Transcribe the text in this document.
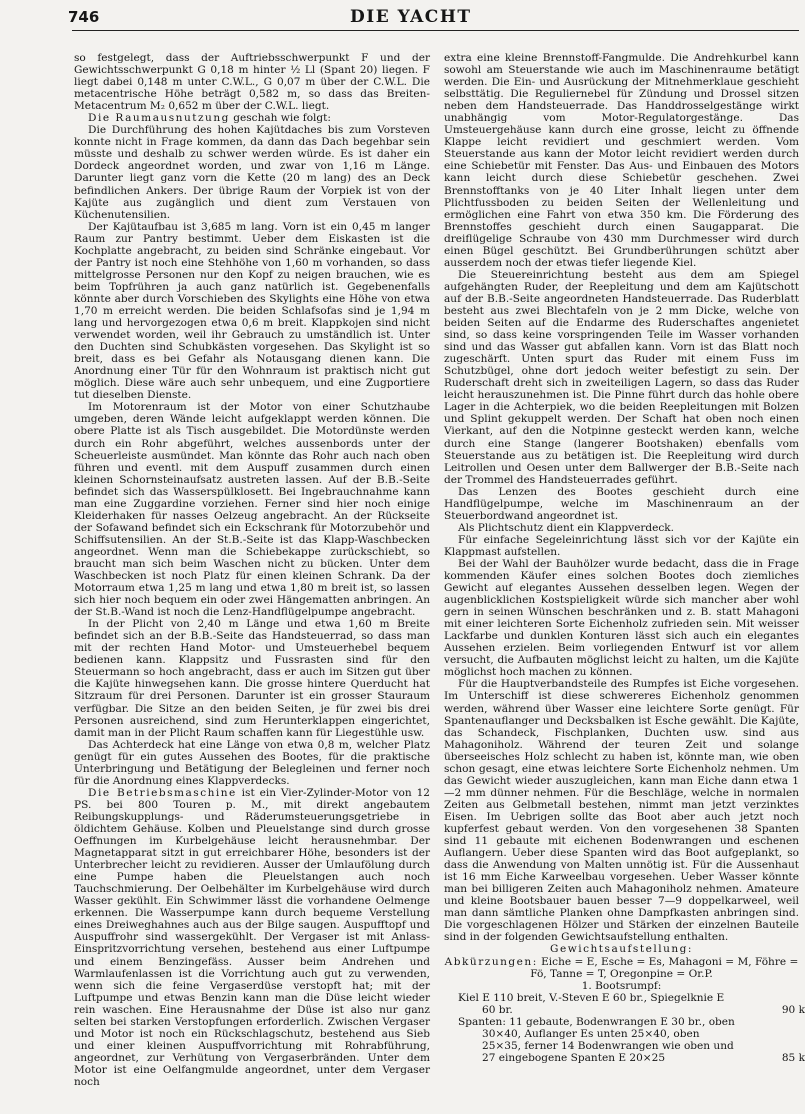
746	DIE YACHT

so festgelegt, dass der Auftriebsschwerpunkt F und der Gewichtsschwerpunkt G 0,18 m hinter ½ Ll (Spant 20) liegen. F liegt dabei 0,148 m unter C.W.L., G 0,07 m über der C.W.L. Die metacentrische Höhe beträgt 0,582 m, so dass das Breiten-Metacentrum M₂ 0,652 m über der C.W.L. liegt.

Die Raumausnutzung geschah wie folgt:

Die Durchführung des hohen Kajütdaches bis zum Vorsteven konnte nicht in Frage kommen, da dann das Dach begehbar sein müsste und deshalb zu schwer werden würde. Es ist daher ein Dordeck angeordnet worden, und zwar von 1,16 m Länge. Darunter liegt ganz vorn die Kette (20 m lang) des an Deck befindlichen Ankers. Der übrige Raum der Vorpiek ist von der Kajüte aus zugänglich und dient zum Verstauen von Küchenutensilien.

Der Kajütaufbau ist 3,685 m lang. Vorn ist ein 0,45 m langer Raum zur Pantry bestimmt. Ueber dem Eiskasten ist die Kochplatte angebracht, zu beiden sind Schränke eingebaut. Vor der Pantry ist noch eine Stehhöhe von 1,60 m vorhanden, so dass mittelgrosse Personen nur den Kopf zu neigen brauchen, wie es beim Topfrühren ja auch ganz natürlich ist. Gegebenenfalls könnte aber durch Vorschieben des Skylights eine Höhe von etwa 1,70 m erreicht werden. Die beiden Schlafsofas sind je 1,94 m lang und hervorgezogen etwa 0,6 m breit. Klappkojen sind nicht verwendet worden, weil ihr Gebrauch zu umständlich ist. Unter den Duchten sind Schubkästen vorgesehen. Das Skylight ist so breit, dass es bei Gefahr als Notausgang dienen kann. Die Anordnung einer Tür für den Wohnraum ist praktisch nicht gut möglich. Diese wäre auch sehr unbequem, und eine Zugportiere tut dieselben Dienste.

Im Motorenraum ist der Motor von einer Schutzhaube umgeben, deren Wände leicht aufgeklappt werden können. Die obere Platte ist als Tisch ausgebildet. Die Motordünste werden durch ein Rohr abgeführt, welches aussenbords unter der Scheuerleiste ausmündet. Man könnte das Rohr auch nach oben führen und eventl. mit dem Auspuff zusammen durch einen kleinen Schornsteinaufsatz austreten lassen. Auf der B.B.-Seite befindet sich das Wasserspülklosett. Bei Ingebrauchnahme kann man eine Zuggardine vorziehen. Ferner sind hier noch einige Kleiderhaken für nasses Oelzeug angebracht. An der Rückseite der Sofawand befindet sich ein Eckschrank für Motorzubehör und Schiffsutensilien. An der St.B.-Seite ist das Klapp-Waschbecken angeordnet. Wenn man die Schiebekappe zurückschiebt, so braucht man sich beim Waschen nicht zu bücken. Unter dem Waschbecken ist noch Platz für einen kleinen Schrank. Da der Motorraum etwa 1,25 m lang und etwa 1,80 m breit ist, so lassen sich hier noch bequem ein oder zwei Hängematten anbringen. An der St.B.-Wand ist noch die Lenz-Handflügelpumpe angebracht.

In der Plicht von 2,40 m Länge und etwa 1,60 m Breite befindet sich an der B.B.-Seite das Handsteuerrad, so dass man mit der rechten Hand Motor- und Umsteuerhebel bequem bedienen kann. Klappsitz und Fussrasten sind für den Steuermann so hoch angebracht, dass er auch im Sitzen gut über die Kajüte hinwegsehen kann. Die grosse hintere Querducht hat Sitzraum für drei Personen. Darunter ist ein grosser Stauraum verfügbar. Die Sitze an den beiden Seiten, je für zwei bis drei Personen ausreichend, sind zum Herunterklappen eingerichtet, damit man in der Plicht Raum schaffen kann für Liegestühle usw.

Das Achterdeck hat eine Länge von etwa 0,8 m, welcher Platz genügt für ein gutes Aussehen des Bootes, für die praktische Unterbringung und Betätigung der Belegleinen und ferner noch für die Anordnung eines Klappverdecks.

Die Betriebsmaschine ist ein Vier-Zylinder-Motor von 12 PS. bei 800 Touren p. M., mit direkt angebautem Reibungskupplungs- und Räderumsteuerungsgetriebe in öldichtem Gehäuse. Kolben und Pleuelstange sind durch grosse Oeffnungen im Kurbelgehäuse leicht herausnehmbar. Der Magnetapparat sitzt in gut erreichbarer Höhe, besonders ist der Unterbrecher leicht zu revidieren. Ausser der Umlaufölung durch eine Pumpe haben die Pleuelstangen auch noch Tauchschmierung. Der Oelbehälter im Kurbelgehäuse wird durch Wasser gekühlt. Ein Schwimmer lässt die vorhandene Oelmenge erkennen. Die Wasserpumpe kann durch bequeme Verstellung eines Dreiweghahnes auch aus der Bilge saugen. Auspufftopf und Auspuffrohr sind wassergekühlt. Der Vergaser ist mit Anlass-Einspritzvorrichtung versehen, bestehend aus einer Luftpumpe und einem Benzingefäss. Ausser beim Andrehen und Warmlaufenlassen ist die Vorrichtung auch gut zu verwenden, wenn sich die feine Vergaserdüse verstopft hat; mit der Luftpumpe und etwas Benzin kann man die Düse leicht wieder rein waschen. Eine Herausnahme der Düse ist also nur ganz selten bei starken Verstopfungen erforderlich. Zwischen Vergaser und Motor ist noch ein Rückschlagschutz, bestehend aus Sieb und einer kleinen Auspuffvorrichtung mit Rohrabführung, angeordnet, zur Verhütung von Vergaserbränden. Unter dem Motor ist eine Oelfangmulde angeordnet, unter dem Vergaser noch

extra eine kleine Brennstoff-Fangmulde. Die Andrehkurbel kann sowohl am Steuerstande wie auch im Maschinenraume betätigt werden. Die Ein- und Ausrückung der Mitnehmerklaue geschieht selbsttätig. Die Reguliernebel für Zündung und Drossel sitzen neben dem Handsteuerrade. Das Handdrosselgestänge wirkt unabhängig vom Motor-Regulatorgestänge. Das Umsteuergehäuse kann durch eine grosse, leicht zu öffnende Klappe leicht revidiert und geschmiert werden. Vom Steuerstande aus kann der Motor leicht revidiert werden durch eine Schiebetür mit Fenster. Das Aus- und Einbauen des Motors kann leicht durch diese Schiebetür geschehen. Zwei Brennstofftanks von je 40 Liter Inhalt liegen unter dem Plichtfussboden zu beiden Seiten der Wellenleitung und ermöglichen eine Fahrt von etwa 350 km. Die Förderung des Brennstoffes geschieht durch einen Saugapparat. Die dreiflügelige Schraube von 430 mm Durchmesser wird durch einen Bügel geschützt. Bei Grundberührungen schützt aber ausserdem noch der etwas tiefer liegende Kiel.

Die Steuereinrichtung besteht aus dem am Spiegel aufgehängten Ruder, der Reepleitung und dem am Kajütschott auf der B.B.-Seite angeordneten Handsteuerrade. Das Ruderblatt besteht aus zwei Blechtafeln von je 2 mm Dicke, welche von beiden Seiten auf die Endarme des Ruderschaftes angenietet sind, so dass keine vorspringenden Teile im Wasser vorhanden sind und das Wasser gut abfallen kann. Vorn ist das Blatt noch zugeschärft. Unten spurt das Ruder mit einem Fuss im Schutzbügel, ohne dort jedoch weiter befestigt zu sein. Der Ruderschaft dreht sich in zweiteiligen Lagern, so dass das Ruder leicht herauszunehmen ist. Die Pinne führt durch das hohle obere Lager in die Achterpiek, wo die beiden Reepleitungen mit Bolzen und Splint gekuppelt werden. Der Schaft hat oben noch einen Vierkant, auf den die Notpinne gesteckt werden kann, welche durch eine Stange (langerer Bootshaken) ebenfalls vom Steuerstande aus zu betätigen ist. Die Reepleitung wird durch Leitrollen und Oesen unter dem Ballwerger der B.B.-Seite nach der Trommel des Handsteuerrades geführt.

Das Lenzen des Bootes geschieht durch eine Handflügelpumpe, welche im Maschinenraum an der Steuerbordwand angeordnet ist.

Als Plichtschutz dient ein Klappverdeck.

Für einfache Segeleinrichtung lässt sich vor der Kajüte ein Klappmast aufstellen.

Bei der Wahl der Bauhölzer wurde bedacht, dass die in Frage kommenden Käufer eines solchen Bootes doch ziemliches Gewicht auf elegantes Aussehen desselben legen. Wegen der augenblicklichen Kostspieligkeit würde sich mancher aber wohl gern in seinen Wünschen beschränken und z. B. statt Mahagoni mit einer leichteren Sorte Eichenholz zufrieden sein. Mit weisser Lackfarbe und dunklen Konturen lässt sich auch ein elegantes Aussehen erzielen. Beim vorliegenden Entwurf ist vor allem versucht, die Aufbauten möglichst leicht zu halten, um die Kajüte möglichst hoch machen zu können.

Für die Hauptverbandsteile des Rumpfes ist Eiche vorgesehen. Im Unterschiff ist diese schwereres Eichenholz genommen werden, während über Wasser eine leichtere Sorte genügt. Für Spantenauflanger und Decksbalken ist Esche gewählt. Die Kajüte, das Schandeck, Fischplanken, Duchten usw. sind aus Mahagoniholz. Während der teuren Zeit und solange überseeisches Holz schlecht zu haben ist, könnte man, wie oben schon gesagt, eine etwas leichtere Sorte Eichenholz nehmen. Um das Gewicht wieder auszugleichen, kann man Eiche dann etwa 1—2 mm dünner nehmen. Für die Beschläge, welche in normalen Zeiten aus Gelbmetall bestehen, nimmt man jetzt verzinktes Eisen. Im Uebrigen sollte das Boot aber auch jetzt noch kupferfest gebaut werden. Von den vorgesehenen 38 Spanten sind 11 gebaute mit eichenen Bodenwrangen und eschenen Auflangern. Ueber diese Spanten wird das Boot aufgeplankt, so dass die Anwendung von Malten unnötig ist. Für die Aussenhaut ist 16 mm Eiche Karweelbau vorgesehen. Ueber Wasser könnte man bei billigeren Zeiten auch Mahagoniholz nehmen. Amateure und kleine Bootsbauer bauen besser 7—9 doppelkarweel, weil man dann sämtliche Planken ohne Dampfkasten anbringen sind. Die vorgeschlagenen Hölzer und Stärken der einzelnen Bauteile sind in der folgenden Gewichtsaufstellung enthalten.

Gewichtsaufstellung:

Abkürzungen: Eiche = E, Esche = Es, Mahagoni = M, Föhre = Fö, Tanne = T, Oregonpine = Or.P.

1. Bootsrumpf:

Kiel E 110 breit, V.-Steven E 60 br., Spiegelknie E

60 br.	90 k

Spanten: 11 gebaute, Bodenwrangen E 30 br., oben

30×40, Auflanger Es unten 25×40, oben

25×35, ferner 14 Bodenwrangen wie oben und

27 eingebogene Spanten E 20×25	85 k
